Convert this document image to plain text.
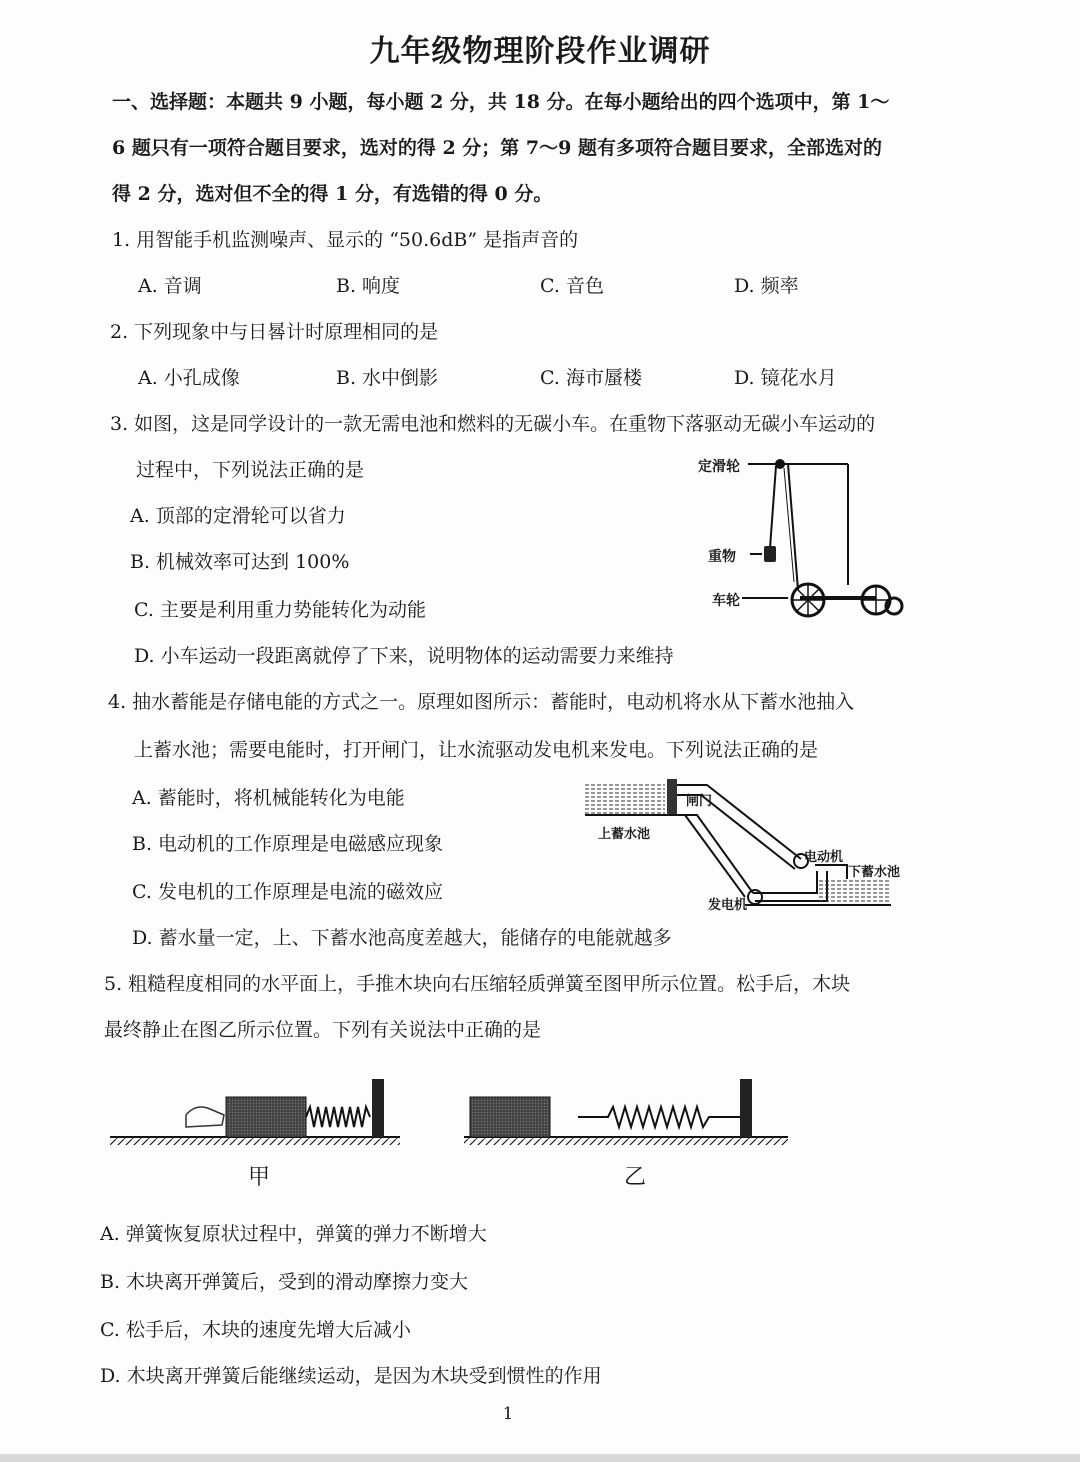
九年级物理阶段作业调研
一、选择题：本题共 9 小题，每小题 2 分，共 18 分。在每小题给出的四个选项中，第 1～
6 题只有一项符合题目要求，选对的得 2 分；第 7～9 题有多项符合题目要求，全部选对的
得 2 分，选对但不全的得 1 分，有选错的得 0 分。
1. 用智能手机监测噪声、显示的 “50.6dB” 是指声音的
A. 音调	B. 响度	C. 音色	D. 频率
2. 下列现象中与日晷计时原理相同的是
A. 小孔成像	B. 水中倒影	C. 海市蜃楼	D. 镜花水月
3. 如图，这是同学设计的一款无需电池和燃料的无碳小车。在重物下落驱动无碳小车运动的
过程中，下列说法正确的是
A. 顶部的定滑轮可以省力
B. 机械效率可达到 100%
C. 主要是利用重力势能转化为动能
D. 小车运动一段距离就停了下来，说明物体的运动需要力来维持
定滑轮
重物
车轮
4. 抽水蓄能是存储电能的方式之一。原理如图所示：蓄能时，电动机将水从下蓄水池抽入
上蓄水池；需要电能时，打开闸门，让水流驱动发电机来发电。下列说法正确的是
A. 蓄能时，将机械能转化为电能
B. 电动机的工作原理是电磁感应现象
C. 发电机的工作原理是电流的磁效应
D. 蓄水量一定，上、下蓄水池高度差越大，能储存的电能就越多
闸门
上蓄水池
电动机
下蓄水池
发电机
5. 粗糙程度相同的水平面上，手推木块向右压缩轻质弹簧至图甲所示位置。松手后，木块
最终静止在图乙所示位置。下列有关说法中正确的是
甲	乙
A. 弹簧恢复原状过程中，弹簧的弹力不断增大
B. 木块离开弹簧后，受到的滑动摩擦力变大
C. 松手后，木块的速度先增大后减小
D. 木块离开弹簧后能继续运动，是因为木块受到惯性的作用
1
